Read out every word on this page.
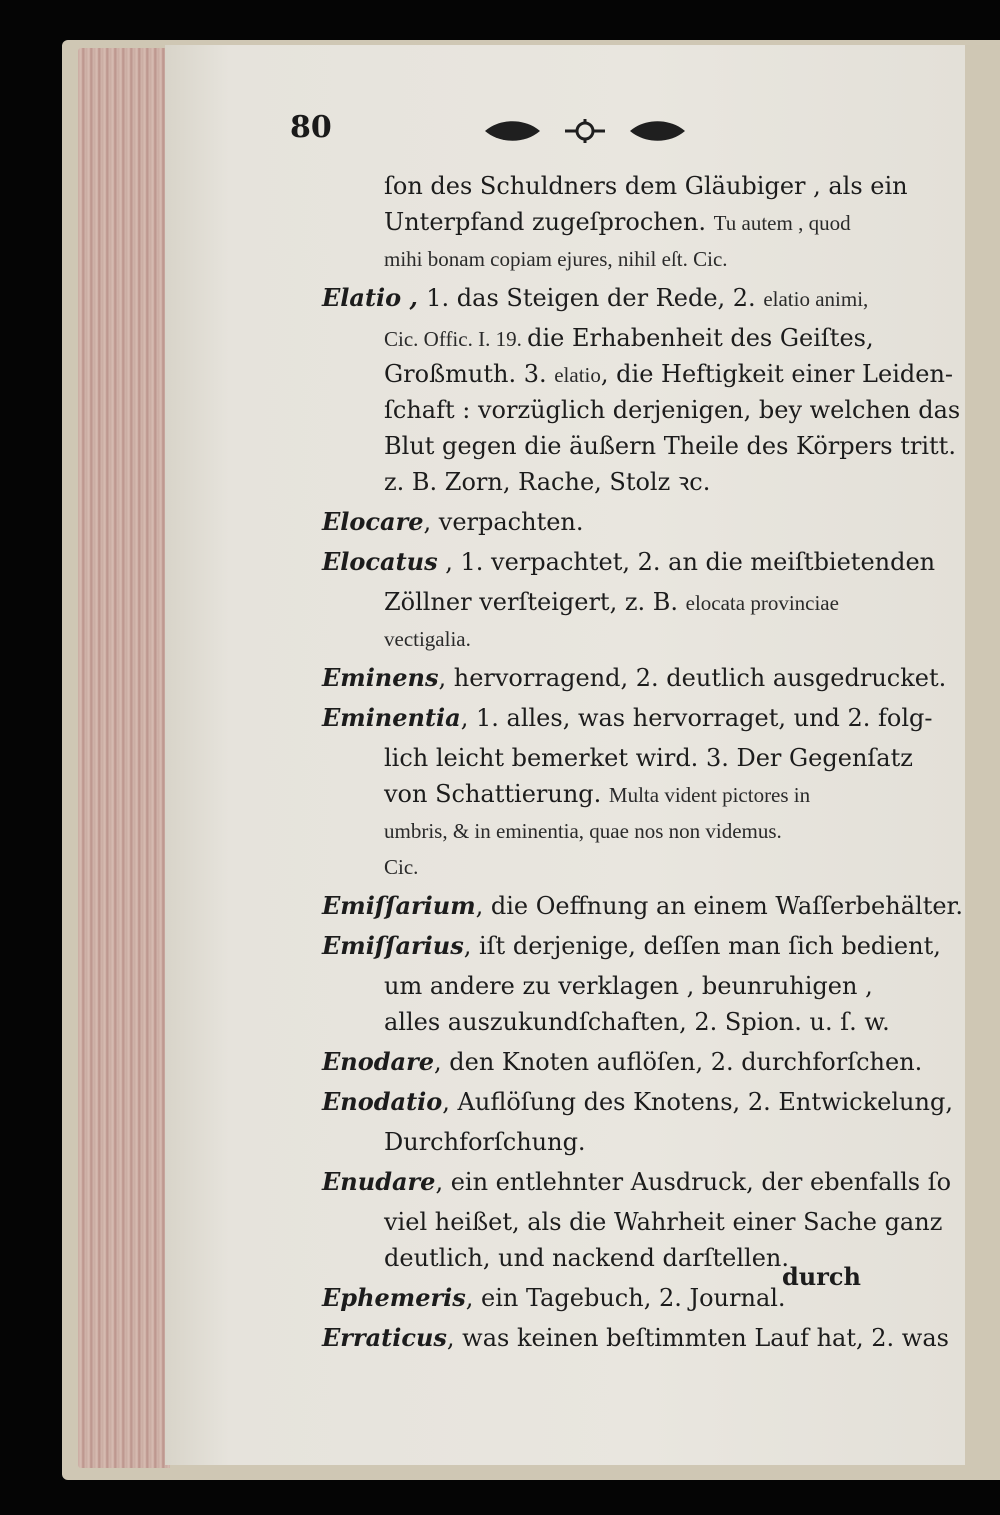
80
ſon des Schuldners dem Gläubiger , als ein
Unterpfand zugeſprochen. Tu autem , quod
mihi bonam copiam ejures, nihil eſt. Cic.
Elatio , 1. das Steigen der Rede, 2. elatio animi,
Cic. Offic. I. 19. die Erhabenheit des Geiſtes,
Großmuth. 3. elatio, die Heftigkeit einer Leiden-
ſchaft : vorzüglich derjenigen, bey welchen das
Blut gegen die äußern Theile des Körpers tritt.
z. B. Zorn, Rache, Stolz ꝛc.
Elocare, verpachten.
Elocatus , 1. verpachtet, 2. an die meiſtbietenden
Zöllner verſteigert, z. B. elocata provinciae
vectigalia.
Eminens, hervorragend, 2. deutlich ausgedrucket.
Eminentia, 1. alles, was hervorraget, und 2. folg-
lich leicht bemerket wird. 3. Der Gegenſatz
von Schattierung. Multa vident pictores in
umbris, & in eminentia, quae nos non videmus.
Cic.
Emiſſarium, die Oeffnung an einem Waſſerbehälter.
Emiſſarius, iſt derjenige, deſſen man ſich bedient,
um andere zu verklagen , beunruhigen ,
alles auszukundſchaften, 2. Spion. u. ſ. w.
Enodare, den Knoten auflöſen, 2. durchforſchen.
Enodatio, Auflöſung des Knotens, 2. Entwickelung,
Durchforſchung.
Enudare, ein entlehnter Ausdruck, der ebenfalls ſo
viel heißet, als die Wahrheit einer Sache ganz
deutlich, und nackend darſtellen.
Ephemeris, ein Tagebuch, 2. Journal.
Erraticus, was keinen beſtimmten Lauf hat, 2. was
durch
